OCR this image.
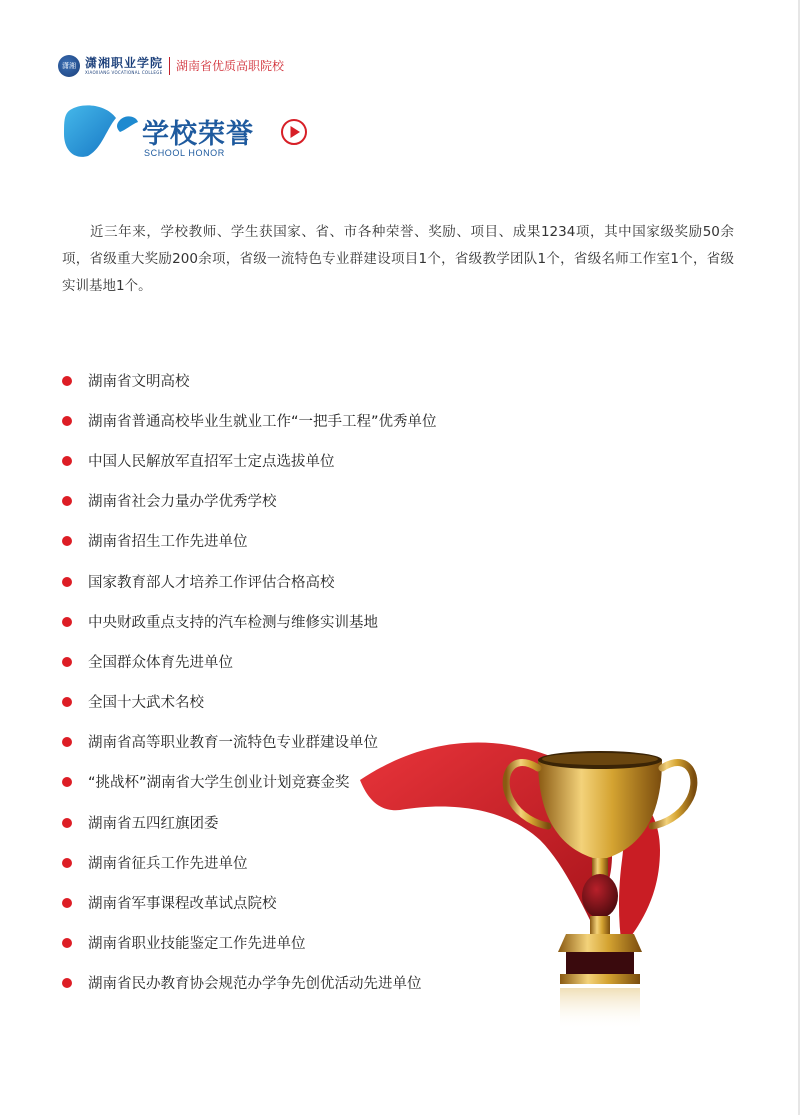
潇湘 潇湘职业学院
XIAOXIANG VOCATIONAL COLLEGE 湖南省优质高职院校
学校荣誉
SCHOOL HONOR

近三年来，学校教师、学生获国家、省、市各种荣誉、奖励、项目、成果1234项，其中国家级奖励50余项，省级重大奖励200余项，省级一流特色专业群建设项目1个，省级教学团队1个，省级名师工作室1个，省级实训基地1个。

湖南省文明高校
湖南省普通高校毕业生就业工作“一把手工程”优秀单位
中国人民解放军直招军士定点选拔单位
湖南省社会力量办学优秀学校
湖南省招生工作先进单位
国家教育部人才培养工作评估合格高校
中央财政重点支持的汽车检测与维修实训基地
全国群众体育先进单位
全国十大武术名校
湖南省高等职业教育一流特色专业群建设单位
“挑战杯”湖南省大学生创业计划竞赛金奖
湖南省五四红旗团委
湖南省征兵工作先进单位
湖南省军事课程改革试点院校
湖南省职业技能鉴定工作先进单位
湖南省民办教育协会规范办学争先创优活动先进单位
